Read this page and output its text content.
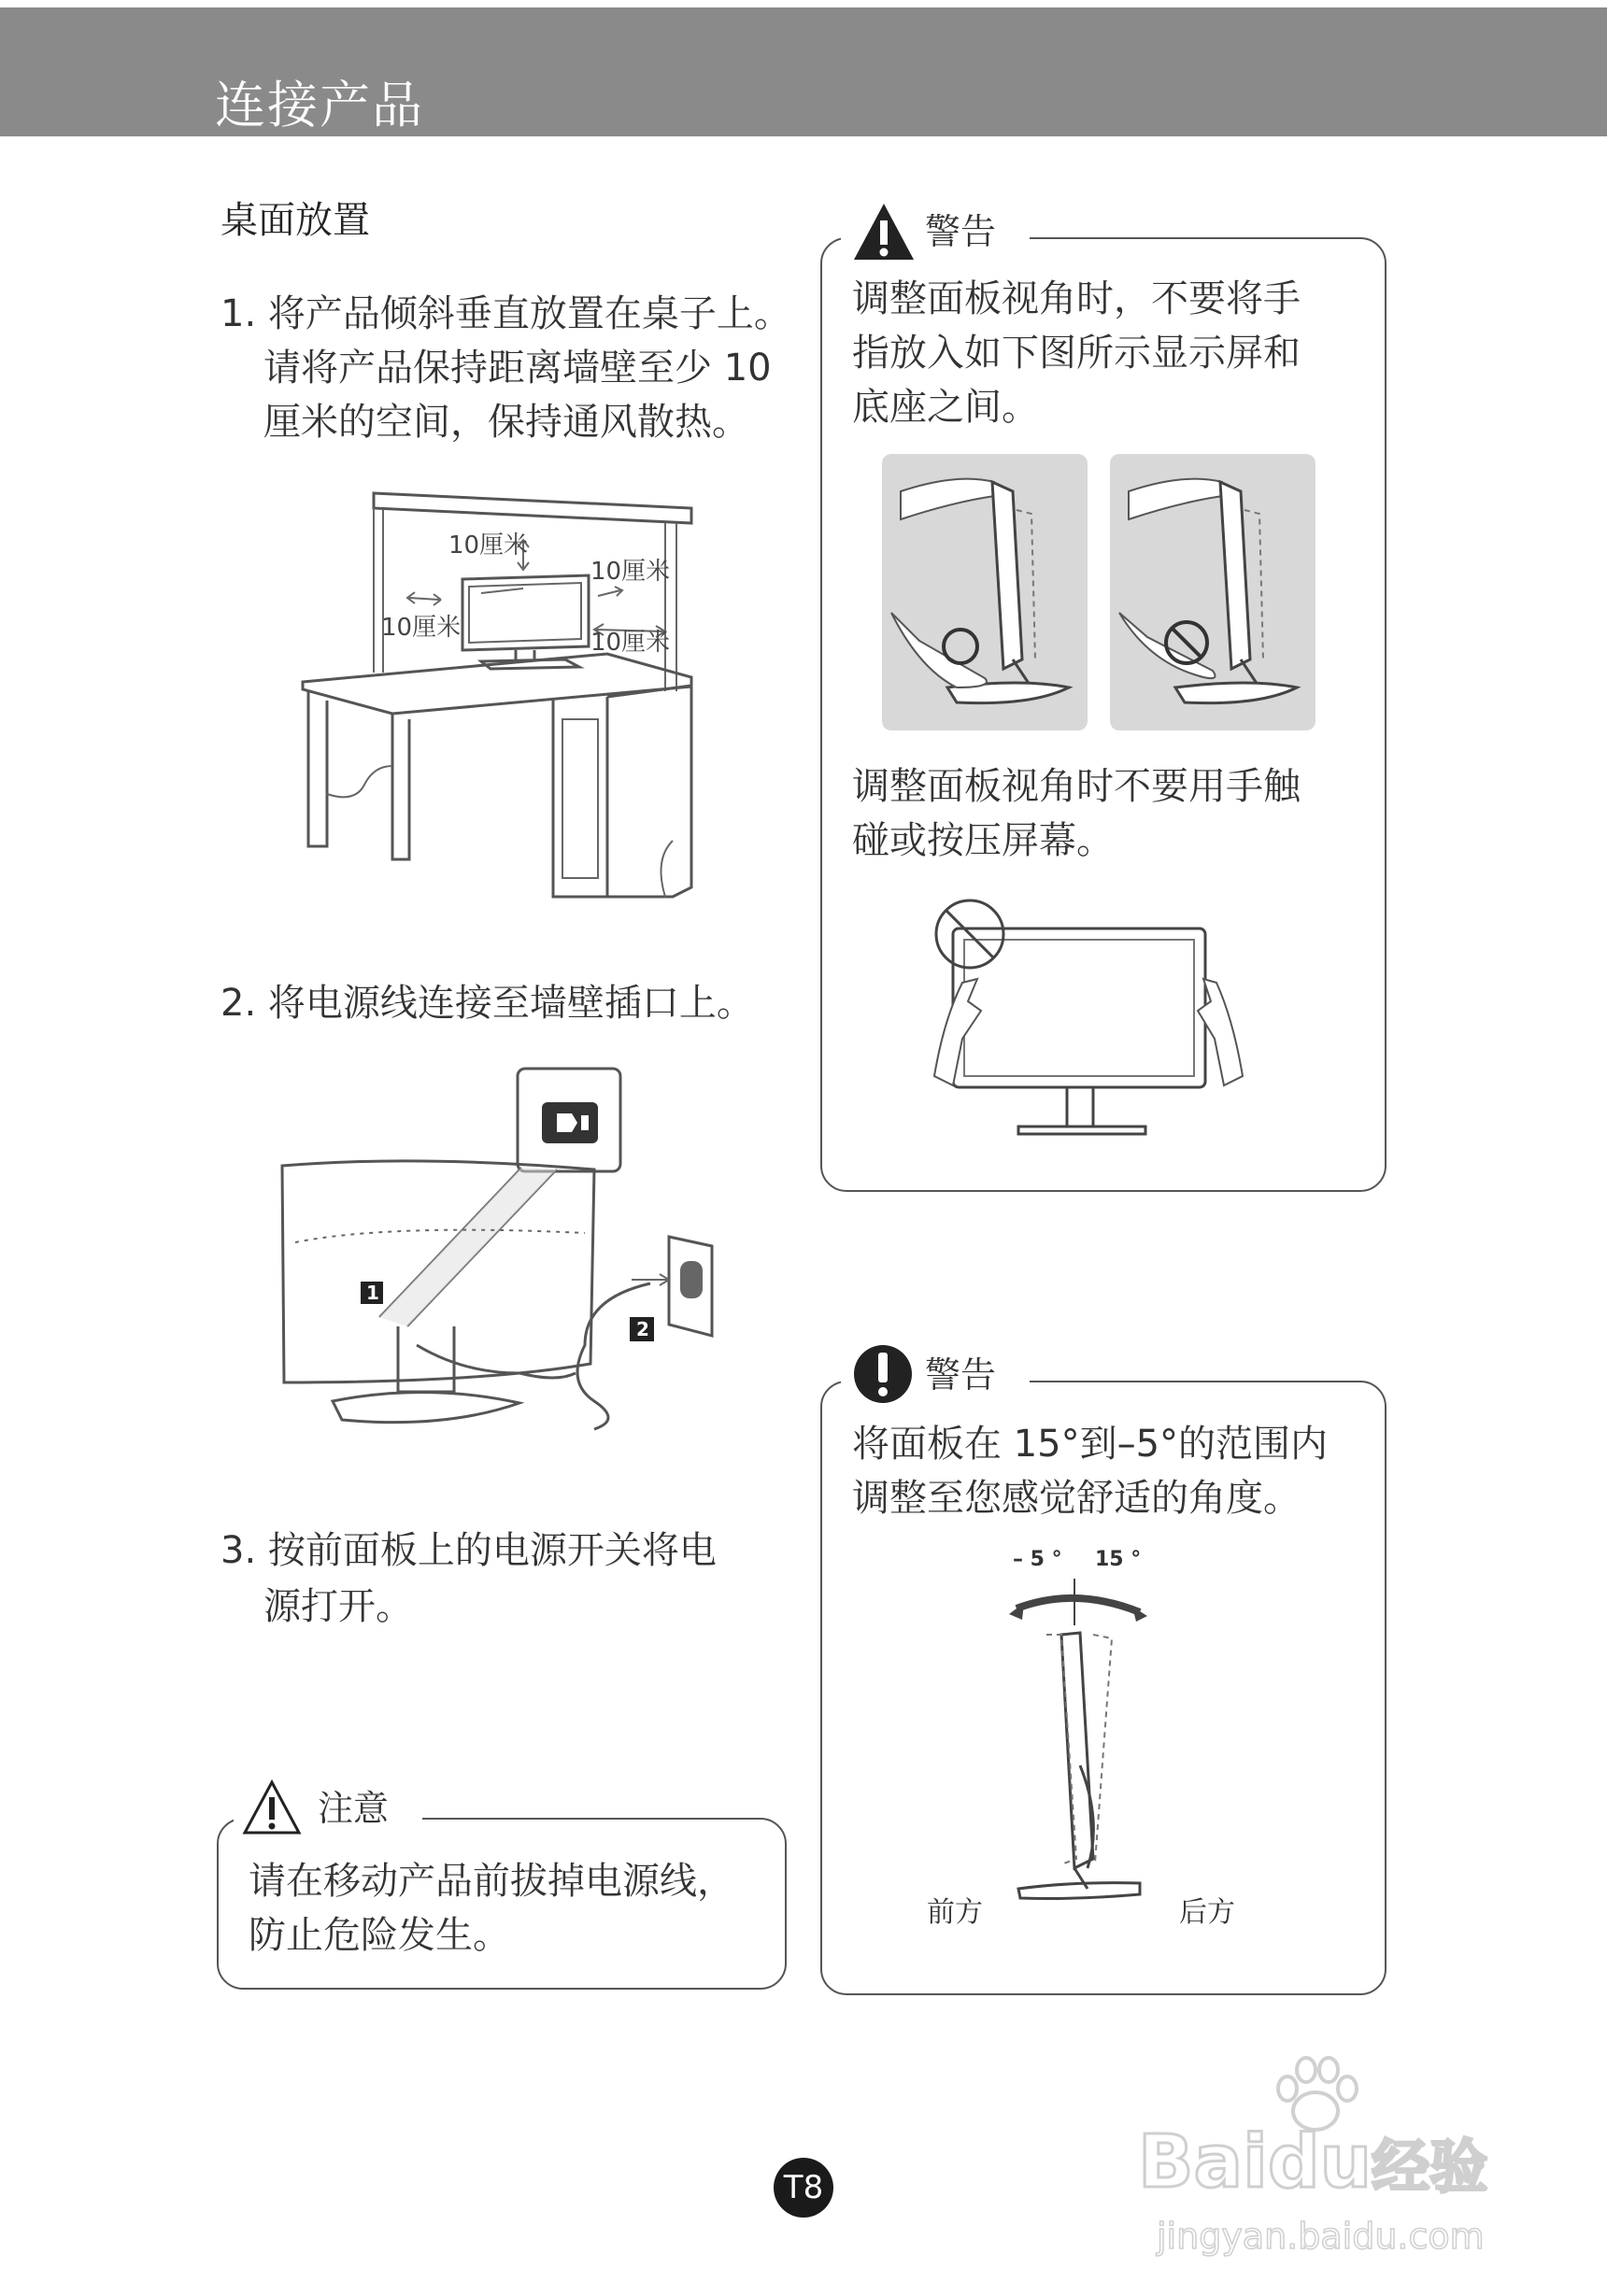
连接产品
桌面放置
1. 将产品倾斜垂直放置在桌子上。
请将产品保持距离墙壁至少 10
厘米的空间，保持通风散热。
10厘米
10厘米
10厘米
10厘米
2. 将电源线连接至墙壁插口上。
1
2
3. 按前面板上的电源开关将电
源打开。
注意
请在移动产品前拔掉电源线，
防止危险发生。
警告
调整面板视角时，不要将手
指放入如下图所示显示屏和
底座之间。
调整面板视角时不要用手触
碰或按压屏幕。
警告
将面板在 15°到–5°的范围内
调整至您感觉舒适的角度。
– 5 ° 15 °
前方	后方
T8	Baidu经验
jingyan.baidu.com
